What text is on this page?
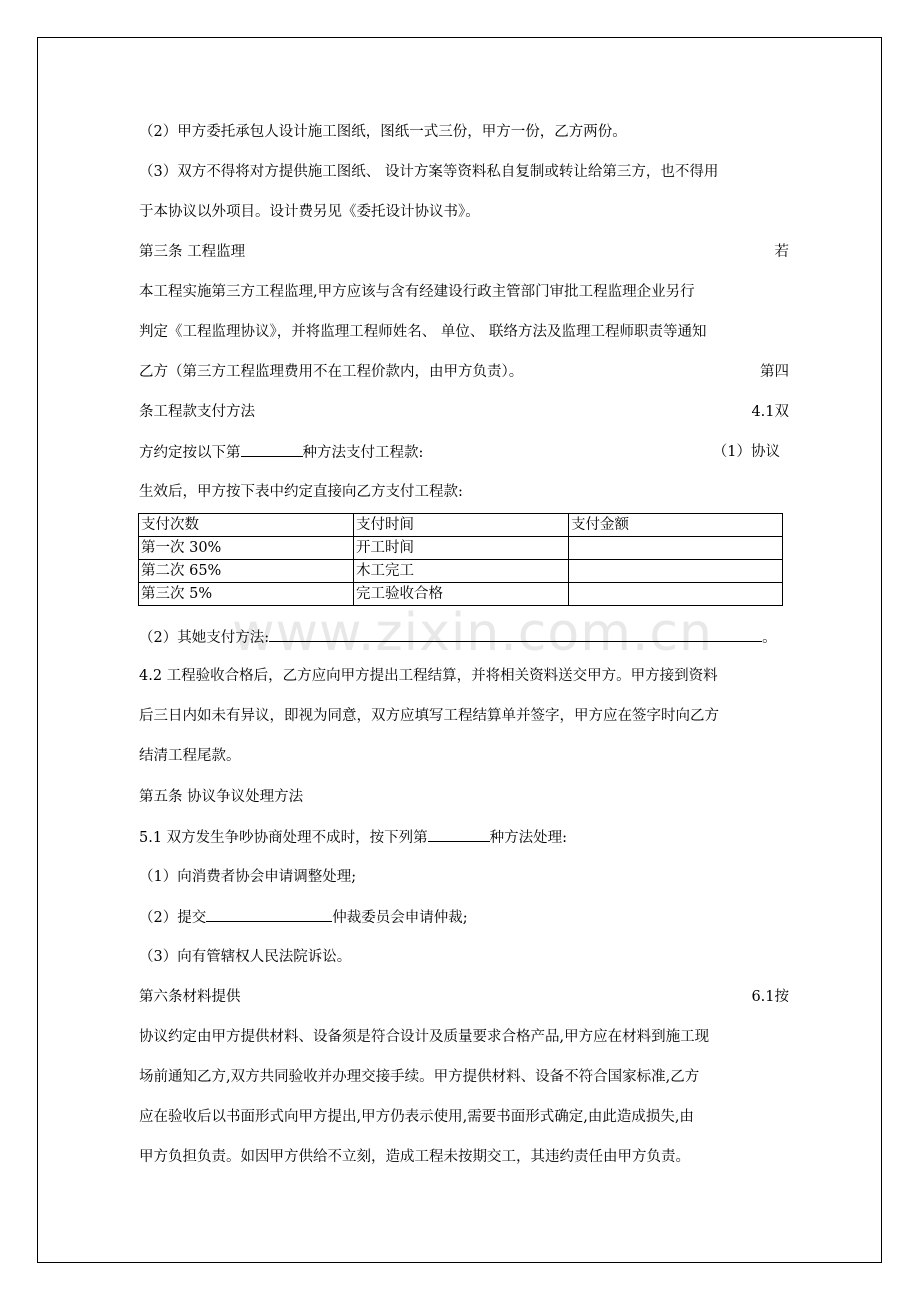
www.zixin.com.cn
（2）甲方委托承包人设计施工图纸，图纸一式三份，甲方一份，乙方两份。
（3）双方不得将对方提供施工图纸、 设计方案等资料私自复制或转让给第三方，也不得用
于本协议以外项目。设计费另见《委托设计协议书》。
第三条 工程监理	若
本工程实施第三方工程监理,甲方应该与含有经建设行政主管部门审批工程监理企业另行
判定《工程监理协议》，并将监理工程师姓名、 单位、 联络方法及监理工程师职责等通知
乙方（第三方工程监理费用不在工程价款内，由甲方负责）。	第四
条工程款支付方法	4.1双
方约定按以下第	种方法支付工程款:	（1）协议
生效后，甲方按下表中约定直接向乙方支付工程款:
支付次数	支付时间	支付金额
第一次 30%	开工时间	
第二次 65%	木工完工	
第三次 5%	完工验收合格	
（2）其她支付方法:	。
4.2 工程验收合格后，乙方应向甲方提出工程结算，并将相关资料送交甲方。甲方接到资料
后三日内如未有异议，即视为同意，双方应填写工程结算单并签字，甲方应在签字时向乙方
结清工程尾款。
第五条 协议争议处理方法
5.1 双方发生争吵协商处理不成时，按下列第	种方法处理:
（1）向消费者协会申请调整处理;
（2）提交	仲裁委员会申请仲裁;
（3）向有管辖权人民法院诉讼。
第六条材料提供	6.1按
协议约定由甲方提供材料、设备须是符合设计及质量要求合格产品,甲方应在材料到施工现
场前通知乙方,双方共同验收并办理交接手续。甲方提供材料、设备不符合国家标准,乙方
应在验收后以书面形式向甲方提出,甲方仍表示使用,需要书面形式确定,由此造成损失,由
甲方负担负责。如因甲方供给不立刻，造成工程未按期交工，其违约责任由甲方负责。
